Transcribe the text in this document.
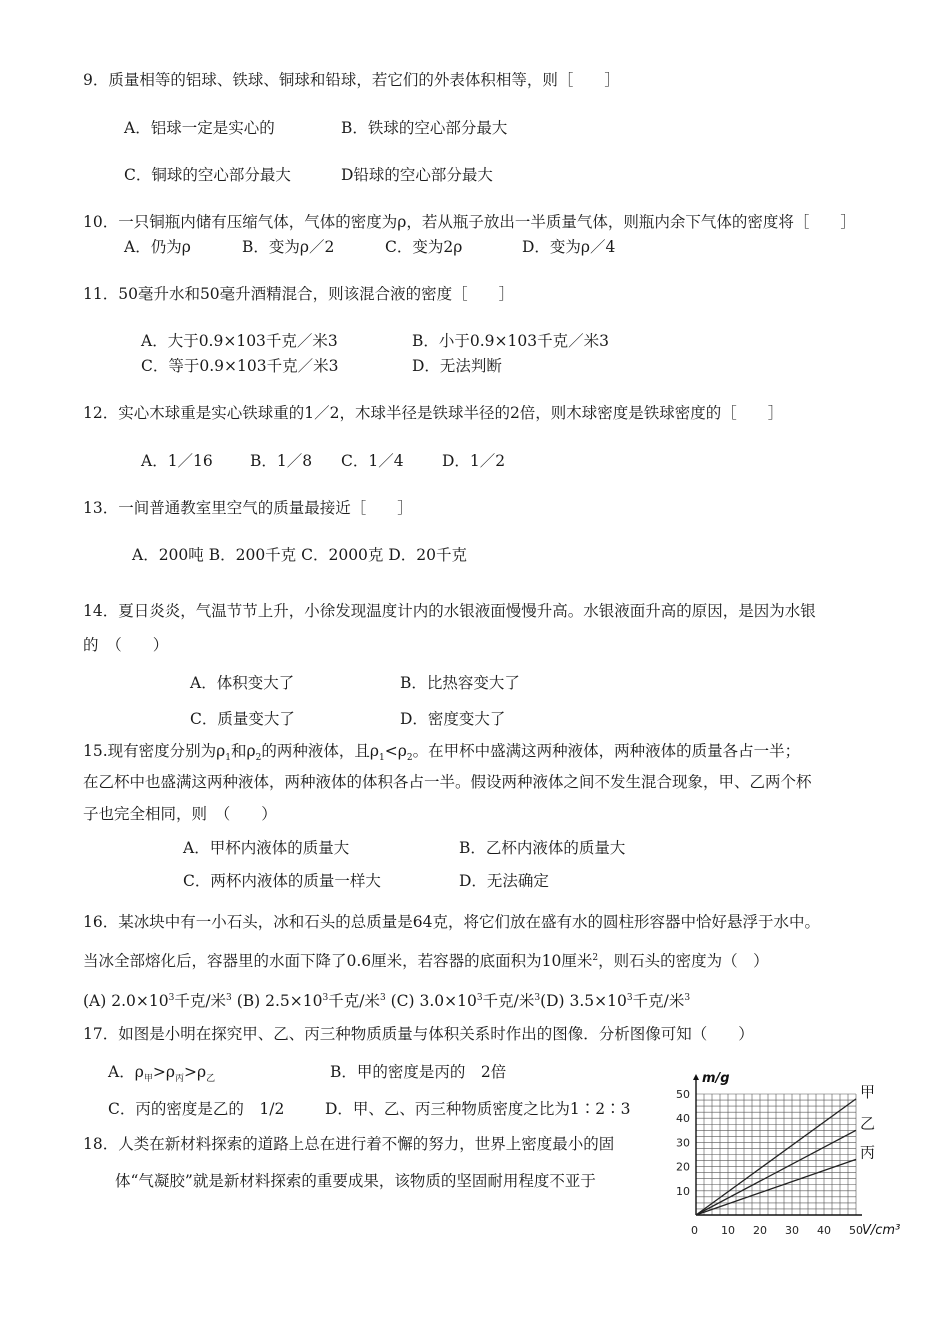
9．质量相等的铝球、铁球、铜球和铅球，若它们的外表体积相等，则［　　］
A．铝球一定是实心的	B．铁球的空心部分最大
C．铜球的空心部分最大	D铅球的空心部分最大
10．一只铜瓶内储有压缩气体，气体的密度为ρ，若从瓶子放出一半质量气体，则瓶内余下气体的密度将［　　］
A．仍为ρ	B．变为ρ／2	C．变为2ρ	D．变为ρ／4
11．50毫升水和50毫升酒精混合，则该混合液的密度［　　］
A．大于0.9×103千克／米3	B．小于0.9×103千克／米3
C．等于0.9×103千克／米3	D．无法判断
12．实心木球重是实心铁球重的1／2，木球半径是铁球半径的2倍，则木球密度是铁球密度的［　　］
A．1／16 B．1／8 C．1／4 D．1／2
13．一间普通教室里空气的质量最接近［　　］
A．200吨 B．200千克 C．2000克 D．20千克
14．夏日炎炎，气温节节上升，小徐发现温度计内的水银液面慢慢升高。水银液面升高的原因，是因为水银
的　（　　）
A．体积变大了	B．比热容变大了
C．质量变大了	D．密度变大了
15.现有密度分别为$\rho_1$和$\rho_2$的两种液体，且$\rho_1<\rho_2$。在甲杯中盛满这两种液体，两种液体的质量各占一半；
在乙杯中也盛满这两种液体，两种液体的体积各占一半。假设两种液体之间不发生混合现象，甲、乙两个杯
子也完全相同，则　（　　）
A．甲杯内液体的质量大	B．乙杯内液体的质量大
C．两杯内液体的质量一样大	D．无法确定
16．某冰块中有一小石头，冰和石头的总质量是64克，将它们放在盛有水的圆柱形容器中恰好悬浮于水中。
当冰全部熔化后，容器里的水面下降了0.6厘米，若容器的底面积为10厘米$^2$，则石头的密度为（　）
(A) $2.0\times 10^3$千克/米$^3$ (B) $2.5\times 10^3$千克/米$^3$ (C) $3.0\times 10^3$千克/米$^3$(D) $3.5\times 10^3$千克/米$^3$
17．如图是小明在探究甲、乙、丙三种物质质量与体积关系时作出的图像．分析图像可知（　　）
A．$\rho_甲>\rho_丙>\rho_乙$	B．甲的密度是丙的　2倍
C．丙的密度是乙的　1/2	D．甲、乙、丙三种物质密度之比为1∶2∶3
18．人类在新材料探索的道路上总在进行着不懈的努力，世界上密度最小的固
体“气凝胶”就是新材料探索的重要成果，该物质的坚固耐用程度不亚于
甲
乙
丙
10 20 30 40 50
10
20
30
40
50
0
m/g
V/cm³
